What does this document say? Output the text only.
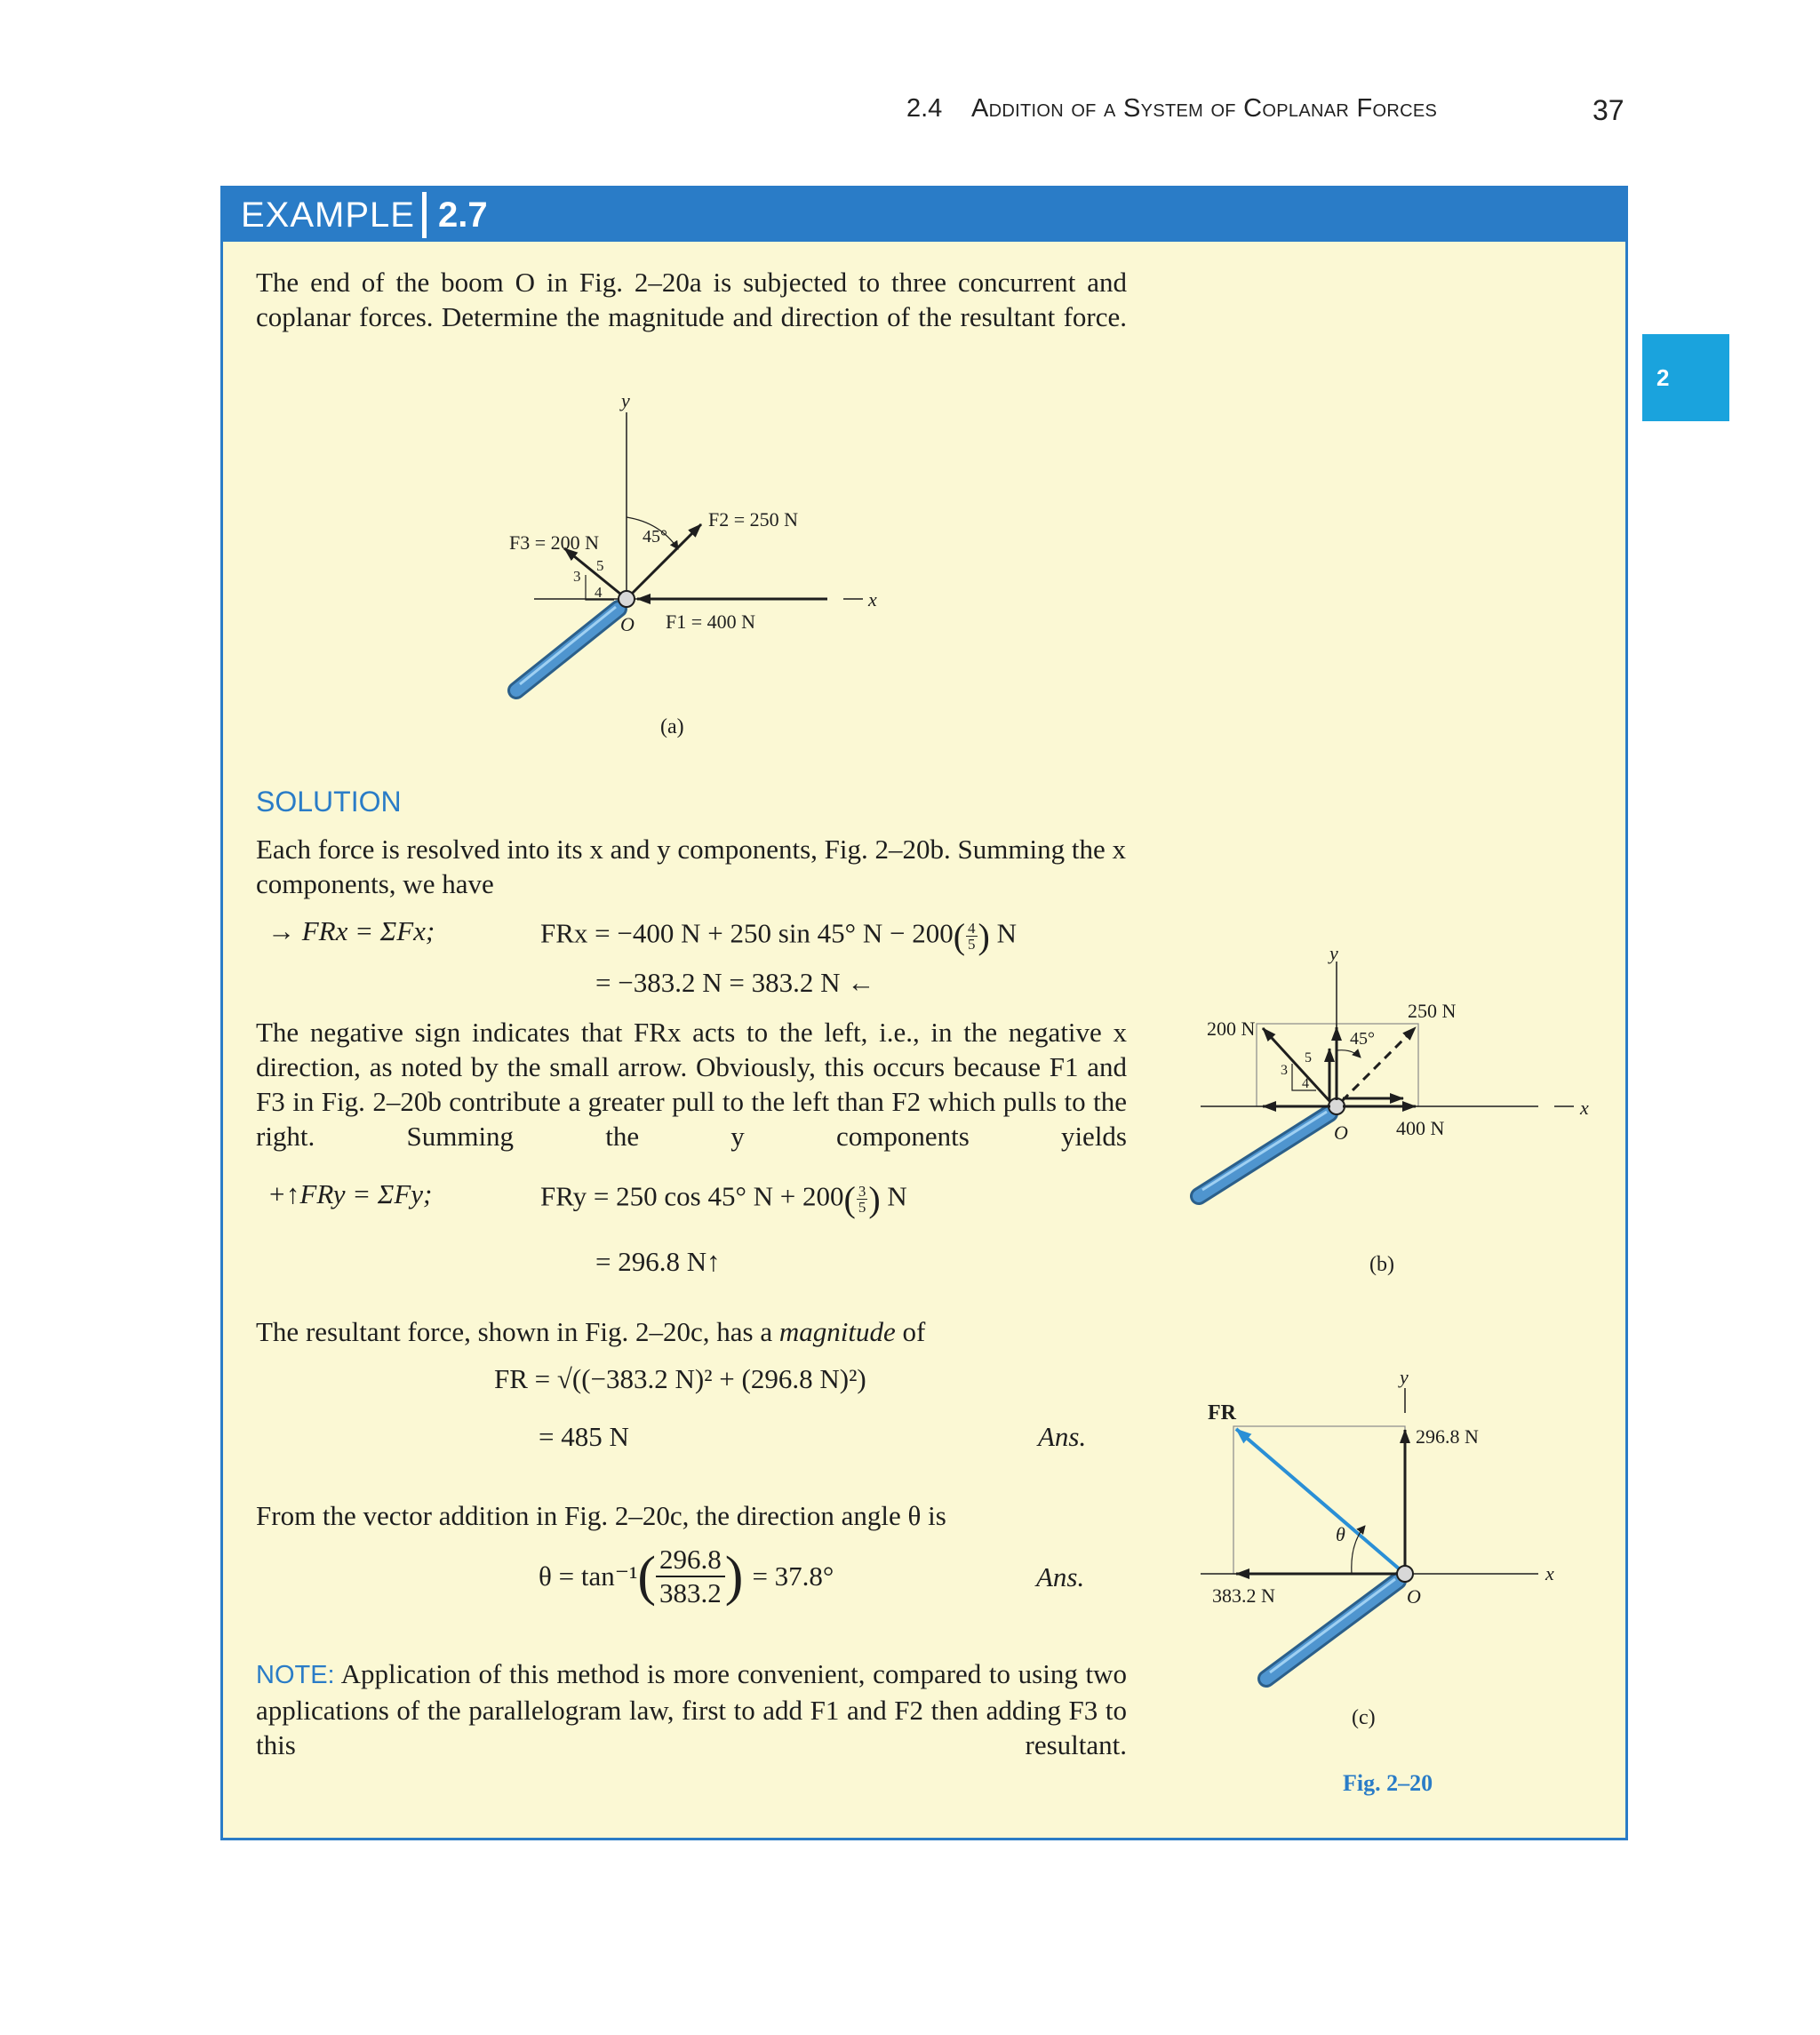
2.4 Addition of a System of Coplanar Forces	37
2
EXAMPLE 2.7
The end of the boom O in Fig. 2–20a is subjected to three concurrent and coplanar forces. Determine the magnitude and direction of the resultant force.
y
x
F2 = 250 N
F3 = 200 N
F1 = 400 N
45°
O
3
4
5
(a)
SOLUTION
Each force is resolved into its x and y components, Fig. 2–20b. Summing the x components, we have
→ FRx = ΣFx;	FRx = −400 N + 250 sin 45° $N - 200( \frac{4}{5}$ ) N
= −383.2 N = 383.2 N ←
The negative sign indicates that FRx acts to the left, i.e., in the negative x direction, as noted by the small arrow. Obviously, this occurs because F1 and F3 in Fig. 2–20b contribute a greater pull to the left than F2 which pulls to the right. Summing the y components yields
+↑FRy = ΣFy;	FRy = 250 cos 45° $N + 200( \frac{3}{5}$ ) N
= 296.8 N↑
The resultant force, shown in Fig. 2–20c, has a magnitude of
FR = √((−383.2 N)² + (296.8 N)²)
= 485 N	Ans.
From the vector addition in Fig. 2–20c, the direction angle θ is
θ = tan⁻¹ ( $\frac{296.8}{383.2}$ ) = 37.8°	Ans.
NOTE: Application of this method is more convenient, compared to using two applications of the parallelogram law, first to add F1 and F2 then adding F3 to this resultant.
y
x
200 N
250 N
400 N
45°
O
3
4
5
(b)
y
x
FR
296.8 N
383.2 N
θ
O
(c)
Fig. 2–20
